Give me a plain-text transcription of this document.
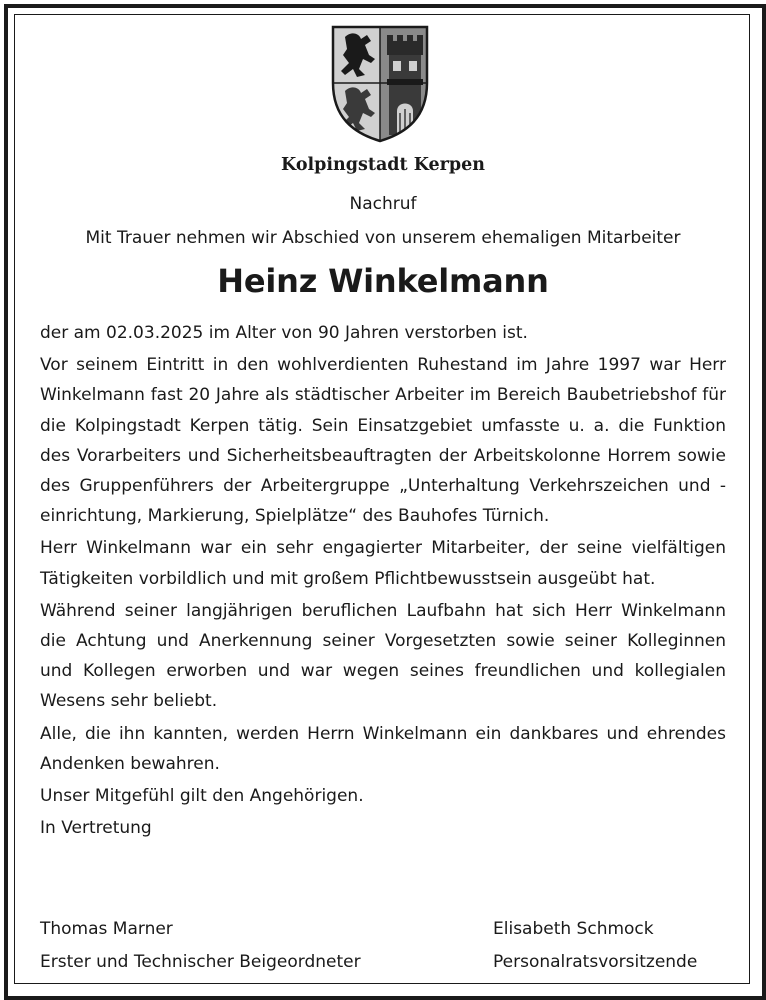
Kolpingstadt Kerpen
Nachruf
Mit Trauer nehmen wir Abschied von unserem ehemaligen Mitarbeiter
Heinz Winkelmann

der am 02.03.2025 im Alter von 90 Jahren verstorben ist.

Vor seinem Eintritt in den wohlverdienten Ruhestand im Jahre 1997 war Herr Winkelmann fast 20 Jahre als städtischer Arbeiter im Bereich Baubetriebshof für die Kolpingstadt Kerpen tätig. Sein Einsatzgebiet umfasste u. a. die Funktion des Vorarbeiters und Sicherheitsbeauftragten der Arbeitskolonne Horrem sowie des Gruppenführers der Arbeitergruppe „Unterhaltung Verkehrszeichen und -einrichtung, Markierung, Spielplätze“ des Bauhofes Türnich.

Herr Winkelmann war ein sehr engagierter Mitarbeiter, der seine vielfältigen Tätigkeiten vorbildlich und mit großem Pflichtbewusstsein ausgeübt hat.

Während seiner langjährigen beruflichen Laufbahn hat sich Herr Winkelmann die Achtung und Anerkennung seiner Vorgesetzten sowie seiner Kolleginnen und Kollegen erworben und war wegen seines freundlichen und kollegialen Wesens sehr beliebt.

Alle, die ihn kannten, werden Herrn Winkelmann ein dankbares und ehrendes Andenken bewahren.

Unser Mitgefühl gilt den Angehörigen.

In Vertretung

Thomas Marner
Erster und Technischer Beigeordneter
Elisabeth Schmock
Personalratsvorsitzende
